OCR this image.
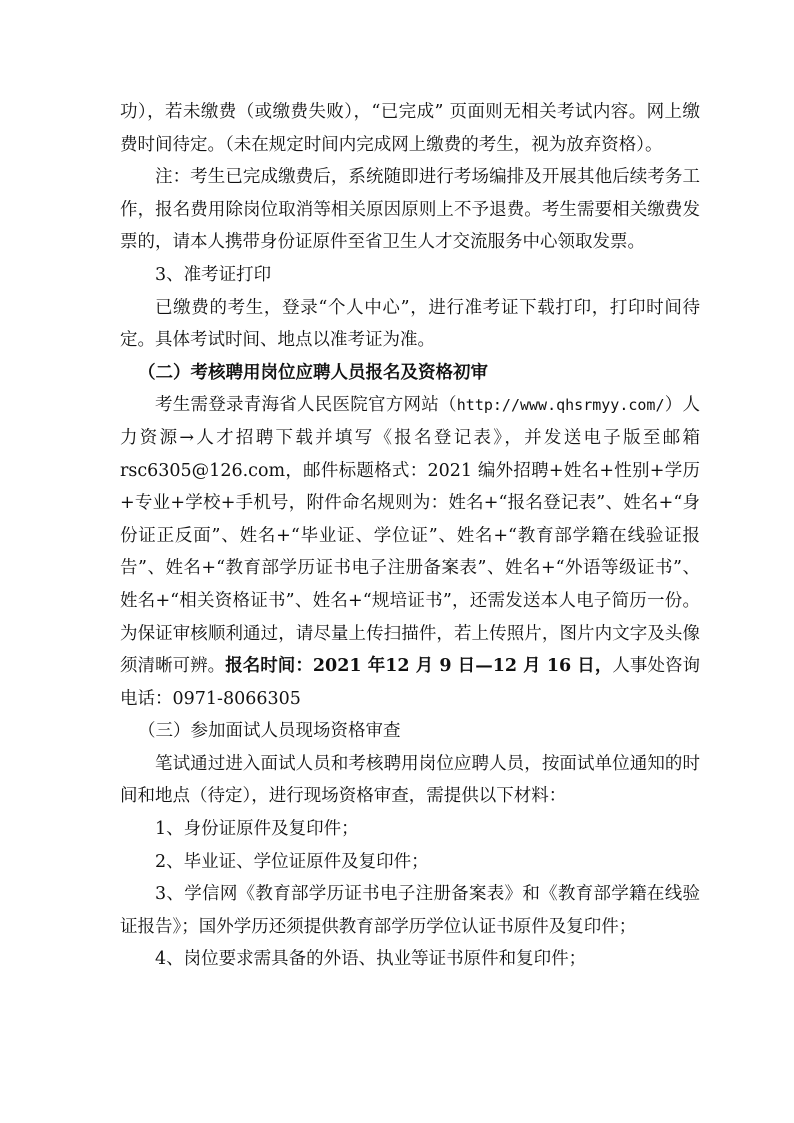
功），若未缴费（或缴费失败），“已完成” 页面则无相关考试内容。网上缴费时间待定。（未在规定时间内完成网上缴费的考生，视为放弃资格）。

注：考生已完成缴费后，系统随即进行考场编排及开展其他后续考务工作，报名费用除岗位取消等相关原因原则上不予退费。考生需要相关缴费发票的，请本人携带身份证原件至省卫生人才交流服务中心领取发票。

3、准考证打印

已缴费的考生，登录“个人中心”，进行准考证下载打印，打印时间待定。具体考试时间、地点以准考证为准。

（二）考核聘用岗位应聘人员报名及资格初审

考生需登录青海省人民医院官方网站（http://www.qhsrmyy.com/）人力资源→人才招聘下载并填写《报名登记表》，并发送电子版至邮箱 rsc6305@126.com，邮件标题格式：2021 编外招聘+姓名+性别+学历+专业+学校+手机号，附件命名规则为：姓名+“报名登记表”、姓名+“身份证正反面”、姓名+“毕业证、学位证”、姓名+“教育部学籍在线验证报告”、姓名+“教育部学历证书电子注册备案表”、姓名+“外语等级证书”、姓名+“相关资格证书”、姓名+“规培证书”，还需发送本人电子简历一份。为保证审核顺利通过，请尽量上传扫描件，若上传照片，图片内文字及头像须清晰可辨。报名时间：2021 年12 月 9 日—12 月 16 日，人事处咨询电话：0971-8066305

（三）参加面试人员现场资格审查

笔试通过进入面试人员和考核聘用岗位应聘人员，按面试单位通知的时间和地点（待定），进行现场资格审查，需提供以下材料：

1、身份证原件及复印件；

2、毕业证、学位证原件及复印件；

3、学信网《教育部学历证书电子注册备案表》和《教育部学籍在线验证报告》；国外学历还须提供教育部学历学位认证书原件及复印件；

4、岗位要求需具备的外语、执业等证书原件和复印件；
